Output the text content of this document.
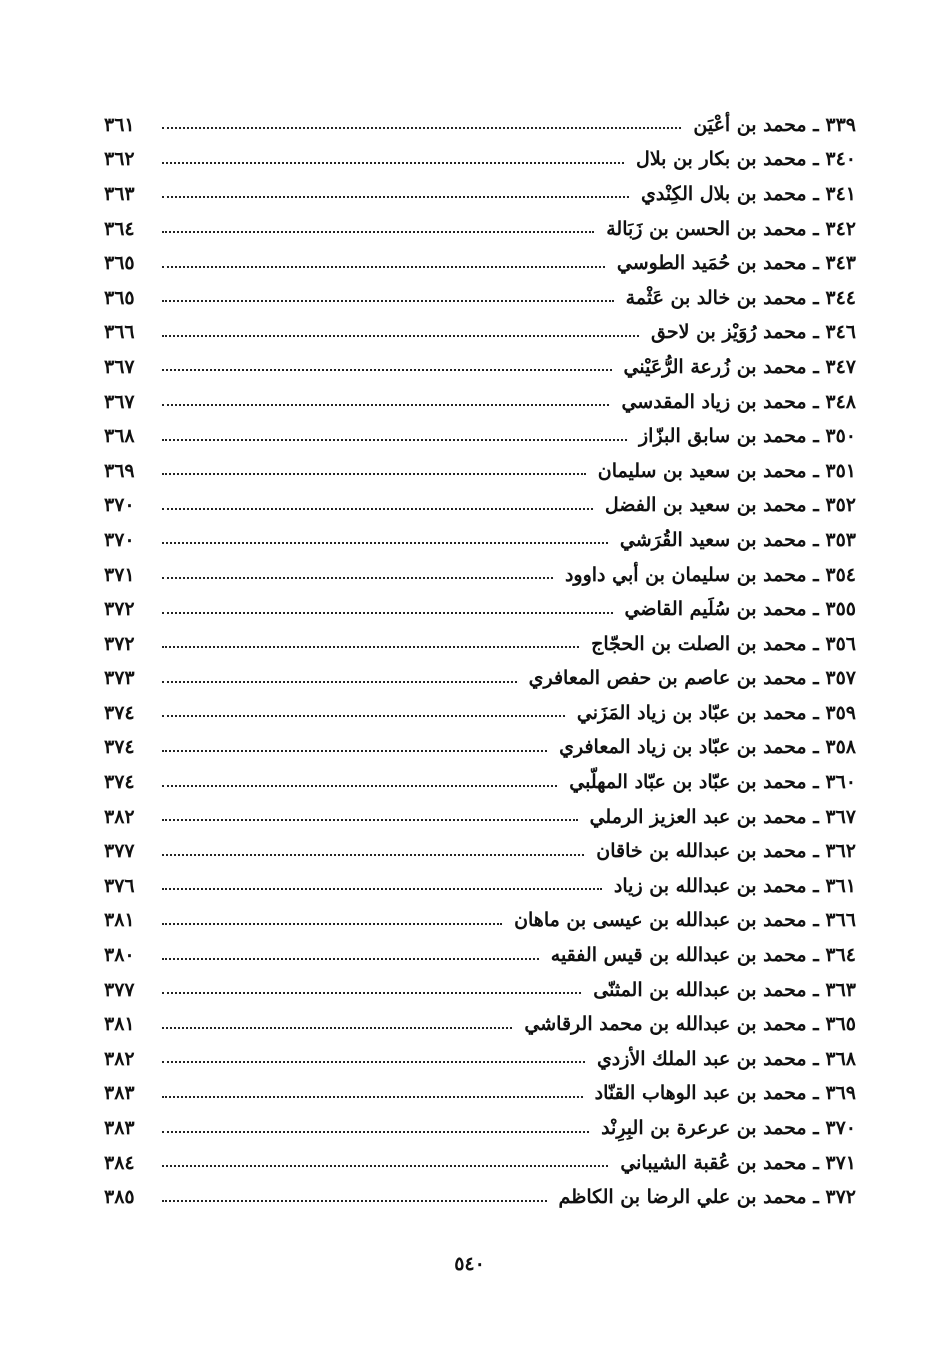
٣٣٩ ـ محمد بن أعْيَن
٣٦١
٣٤٠ ـ محمد بن بكار بن بلال
٣٦٢
٣٤١ ـ محمد بن بلال الكِنْدي
٣٦٣
٣٤٢ ـ محمد بن الحسن بن زَبَالة
٣٦٤
٣٤٣ ـ محمد بن حُمَيد الطوسي
٣٦٥
٣٤٤ ـ محمد بن خالد بن عَثْمة
٣٦٥
٣٤٦ ـ محمد رُوَيْز بن لاحق
٣٦٦
٣٤٧ ـ محمد بن زُرعة الرُّعَيْني
٣٦٧
٣٤٨ ـ محمد بن زياد المقدسي
٣٦٧
٣٥٠ ـ محمد بن سابق البزّاز
٣٦٨
٣٥١ ـ محمد بن سعيد بن سليمان
٣٦٩
٣٥٢ ـ محمد بن سعيد بن الفضل
٣٧٠
٣٥٣ ـ محمد بن سعيد القُرَشي
٣٧٠
٣٥٤ ـ محمد بن سليمان بن أبي داوود
٣٧١
٣٥٥ ـ محمد بن سُلَيم القاضي
٣٧٢
٣٥٦ ـ محمد بن الصلت بن الحجّاج
٣٧٢
٣٥٧ ـ محمد بن عاصم بن حفص المعافري
٣٧٣
٣٥٩ ـ محمد بن عبّاد بن زياد المَزَني
٣٧٤
٣٥٨ ـ محمد بن عبّاد بن زياد المعافري
٣٧٤
٣٦٠ ـ محمد بن عبّاد بن عبّاد المهلّبي
٣٧٤
٣٦٧ ـ محمد بن عبد العزيز الرملي
٣٨٢
٣٦٢ ـ محمد بن عبدالله بن خاقان
٣٧٧
٣٦١ ـ محمد بن عبدالله بن زياد
٣٧٦
٣٦٦ ـ محمد بن عبدالله بن عيسى بن ماهان
٣٨١
٣٦٤ ـ محمد بن عبدالله بن قيس الفقيه
٣٨٠
٣٦٣ ـ محمد بن عبدالله بن المثنّى
٣٧٧
٣٦٥ ـ محمد بن عبدالله بن محمد الرقاشي
٣٨١
٣٦٨ ـ محمد بن عبد الملك الأزدي
٣٨٢
٣٦٩ ـ محمد بن عبد الوهاب القنّاد
٣٨٣
٣٧٠ ـ محمد بن عرعرة بن البِرِنْد
٣٨٣
٣٧١ ـ محمد بن عُقبة الشيباني
٣٨٤
٣٧٢ ـ محمد بن علي الرضا بن الكاظم
٣٨٥
٥٤٠
